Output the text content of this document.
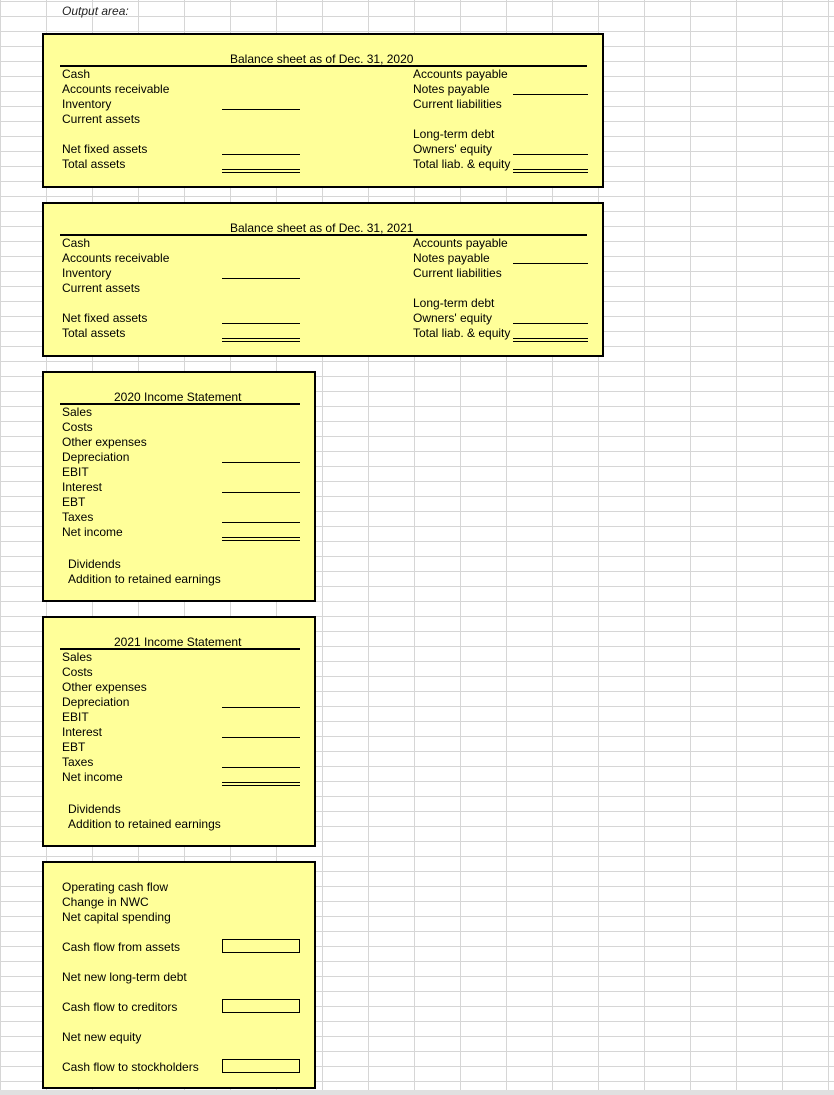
Output area:
Balance sheet as of Dec. 31, 2020
Cash
Accounts receivable
Inventory
Current assets
Net fixed assets
Total assets
Accounts payable
Notes payable
Current liabilities
Long-term debt
Owners' equity
Total liab. & equity
Balance sheet as of Dec. 31, 2021
Cash
Accounts receivable
Inventory
Current assets
Net fixed assets
Total assets
Accounts payable
Notes payable
Current liabilities
Long-term debt
Owners' equity
Total liab. & equity
2020 Income Statement
Sales
Costs
Other expenses
Depreciation
EBIT
Interest
EBT
Taxes
Net income
Dividends
Addition to retained earnings
2021 Income Statement
Sales
Costs
Other expenses
Depreciation
EBIT
Interest
EBT
Taxes
Net income
Dividends
Addition to retained earnings
Operating cash flow
Change in NWC
Net capital spending
Cash flow from assets
Net new long-term debt
Cash flow to creditors
Net new equity
Cash flow to stockholders
